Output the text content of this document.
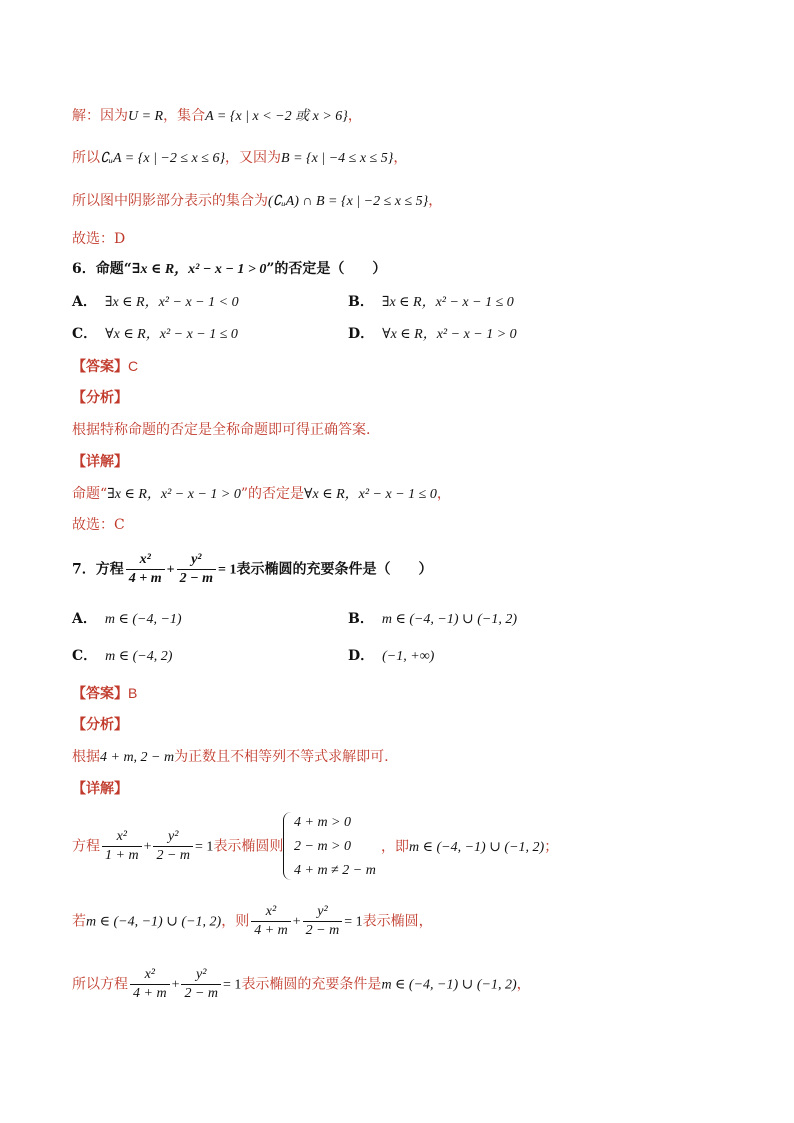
解：因为U = R，集合A = {x | x < −2 或 x > 6}，
所以∁ᵤA = {x | −2 ≤ x ≤ 6}，又因为B = {x | −4 ≤ x ≤ 5}，
所以图中阴影部分表示的集合为(∁ᵤA) ∩ B = {x | −2 ≤ x ≤ 5}，
故选：D
6．命题“∃x ∈ R，x² − x − 1 > 0”的否定是（　　）
A． ∃x ∈ R，x² − x − 1 < 0	B． ∃x ∈ R，x² − x − 1 ≤ 0
C． ∀x ∈ R，x² − x − 1 ≤ 0	D． ∀x ∈ R，x² − x − 1 > 0
【答案】C
【分析】
根据特称命题的否定是全称命题即可得正确答案.
【详解】
命题“∃x ∈ R，x² − x − 1 > 0”的否定是∀x ∈ R，x² − x − 1 ≤ 0，
故选：C
7．方程 $\frac{\text{x²}}{4 + m} + \frac{\text{y²}}{2 - m} = 1$表示椭圆的充要条件是（　　）
A． m ∈ (−4, −1)	B． m ∈ (−4, −1) ∪ (−1, 2)
C． m ∈ (−4, 2)	D． (−1, +∞)
【答案】B
【分析】
根据4 + m, 2 − m为正数且不相等列不等式求解即可.
【详解】
方程 $\frac{\text{x²}}{1 + m} + \frac{\text{y²}}{2 - m} = 1$表示椭圆则
4 + m > 0
2 − m > 0
4 + m ≠ 2 − m
，即m ∈ (−4, −1) ∪ (−1, 2)；
若m ∈ (−4, −1) ∪ (−1, 2)，则 $\frac{\text{x²}}{4 + m} + \frac{\text{y²}}{2 - m} = 1$表示椭圆，
所以方程 $\frac{\text{x²}}{4 + m} + \frac{\text{y²}}{2 - m} = 1$表示椭圆的充要条件是m ∈ (−4, −1) ∪ (−1, 2)，
